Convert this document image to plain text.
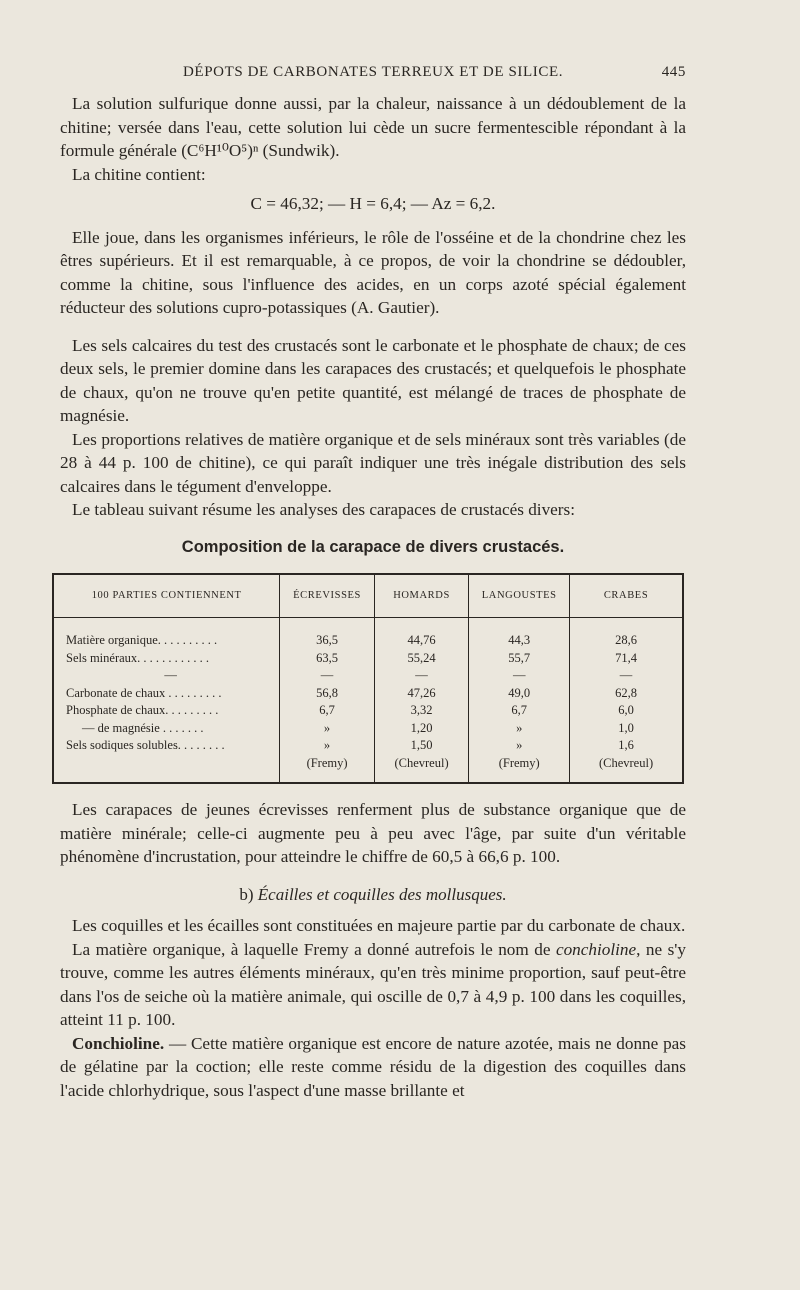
DÉPOTS DE CARBONATES TERREUX ET DE SILICE.	445

La solution sulfurique donne aussi, par la chaleur, naissance à un dédoublement de la chitine; versée dans l'eau, cette solution lui cède un sucre fermentescible répondant à la formule générale (C⁶H¹⁰O⁵)ⁿ (Sundwik).

La chitine contient:

C = 46,32; — H = 6,4; — Az = 6,2.

Elle joue, dans les organismes inférieurs, le rôle de l'osséine et de la chondrine chez les êtres supérieurs. Et il est remarquable, à ce propos, de voir la chondrine se dédoubler, comme la chitine, sous l'influence des acides, en un corps azoté spécial également réducteur des solutions cupro-potassiques (A. Gautier).

Les sels calcaires du test des crustacés sont le carbonate et le phosphate de chaux; de ces deux sels, le premier domine dans les carapaces des crustacés; et quelquefois le phosphate de chaux, qu'on ne trouve qu'en petite quantité, est mélangé de traces de phosphate de magnésie.

Les proportions relatives de matière organique et de sels minéraux sont très variables (de 28 à 44 p. 100 de chitine), ce qui paraît indiquer une très inégale distribution des sels calcaires dans le tégument d'enveloppe.

Le tableau suivant résume les analyses des carapaces de crustacés divers:

Composition de la carapace de divers crustacés.

100 PARTIES CONTIENNENT	ÉCREVISSES	HOMARDS	LANGOUSTES	CRABES
Matière organique. . . . . . . . . .	36,5	44,76	44,3	28,6
Sels minéraux. . . . . . . . . . . .	63,5	55,24	55,7	71,4
—	—	—	—	—
Carbonate de chaux . . . . . . . . .	56,8	47,26	49,0	62,8
Phosphate de chaux. . . . . . . . .	6,7	3,32	6,7	6,0
— de magnésie . . . . . . .	»	1,20	»	1,0
Sels sodiques solubles. . . . . . . .	»	1,50	»	1,6
	(Fremy)	(Chevreul)	(Fremy)	(Chevreul)

Les carapaces de jeunes écrevisses renferment plus de substance organique que de matière minérale; celle-ci augmente peu à peu avec l'âge, par suite d'un véritable phénomène d'incrustation, pour atteindre le chiffre de 60,5 à 66,6 p. 100.

b) Écailles et coquilles des mollusques.

Les coquilles et les écailles sont constituées en majeure partie par du carbonate de chaux.

La matière organique, à laquelle Fremy a donné autrefois le nom de conchioline, ne s'y trouve, comme les autres éléments minéraux, qu'en très minime proportion, sauf peut-être dans l'os de seiche où la matière animale, qui oscille de 0,7 à 4,9 p. 100 dans les coquilles, atteint 11 p. 100.

Conchioline. — Cette matière organique est encore de nature azotée, mais ne donne pas de gélatine par la coction; elle reste comme résidu de la digestion des coquilles dans l'acide chlorhydrique, sous l'aspect d'une masse brillante et
